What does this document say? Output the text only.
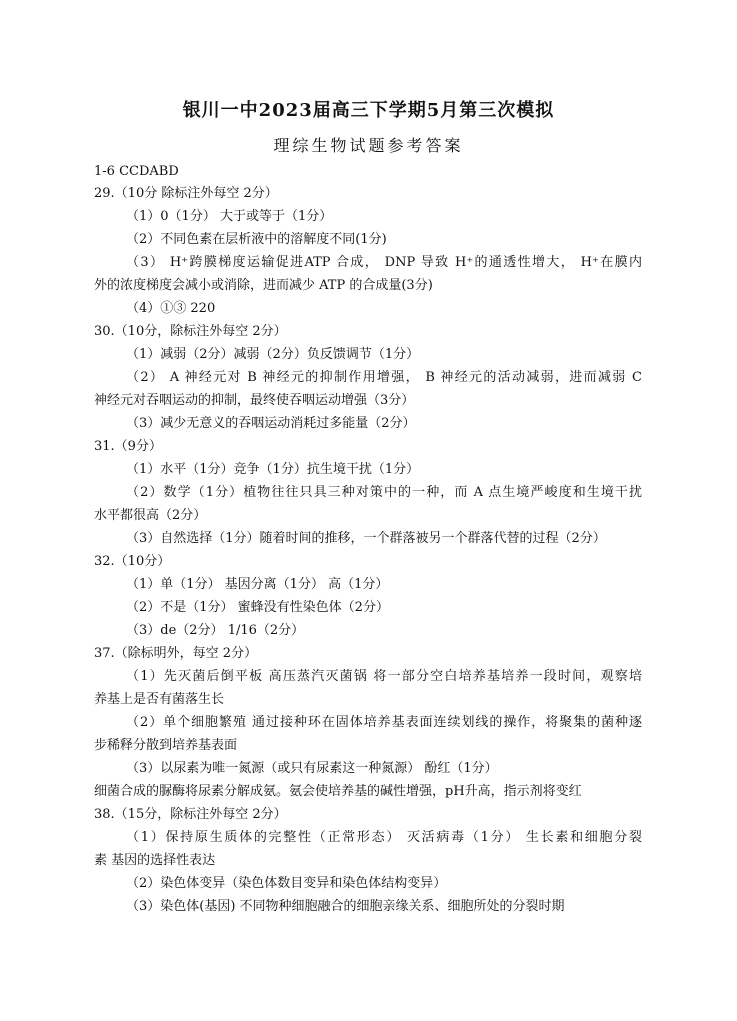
银川一中2023届高三下学期5月第三次模拟
理综生物试题参考答案
1-6 CCDABD
29.（10分 除标注外每空 2分）
（1）0（1分） 大于或等于（1分）
（2）不同色素在层析液中的溶解度不同(1分)
（3） H⁺跨膜梯度运输促进ATP 合成， DNP 导致 H⁺的通透性增大， H⁺在膜内
外的浓度梯度会减小或消除，进而减少 ATP 的合成量(3分)
（4）①③ 220
30.（10分，除标注外每空 2分）
（1）减弱（2分）减弱（2分）负反馈调节（1分）
（2） A 神经元对 B 神经元的抑制作用增强， B 神经元的活动减弱，进而减弱 C
神经元对吞咽运动的抑制，最终使吞咽运动增强（3分）
（3）减少无意义的吞咽运动消耗过多能量（2分）
31.（9分）
（1）水平（1分）竞争（1分）抗生境干扰（1分）
（2）数学（1分）植物往往只具三种对策中的一种，而 A 点生境严峻度和生境干扰
水平都很高（2分）
（3）自然选择（1分）随着时间的推移，一个群落被另一个群落代替的过程（2分）
32.（10分）
（1）单（1分） 基因分离（1分） 高（1分）
（2）不是（1分） 蜜蜂没有性染色体（2分）
（3）de（2分） 1/16（2分）
37.（除标明外，每空 2分）
（1）先灭菌后倒平板 高压蒸汽灭菌锅 将一部分空白培养基培养一段时间，观察培
养基上是否有菌落生长
（2）单个细胞繁殖 通过接种环在固体培养基表面连续划线的操作，将聚集的菌种逐
步稀释分散到培养基表面
（3）以尿素为唯一氮源（或只有尿素这一种氮源） 酚红（1分）
细菌合成的脲酶将尿素分解成氨。氨会使培养基的碱性增强，pH升高，指示剂将变红
38.（15分，除标注外每空 2分）
（1）保持原生质体的完整性（正常形态） 灭活病毒（1分） 生长素和细胞分裂
素 基因的选择性表达
（2）染色体变异（染色体数目变异和染色体结构变异）
（3）染色体(基因) 不同物种细胞融合的细胞亲缘关系、细胞所处的分裂时期
